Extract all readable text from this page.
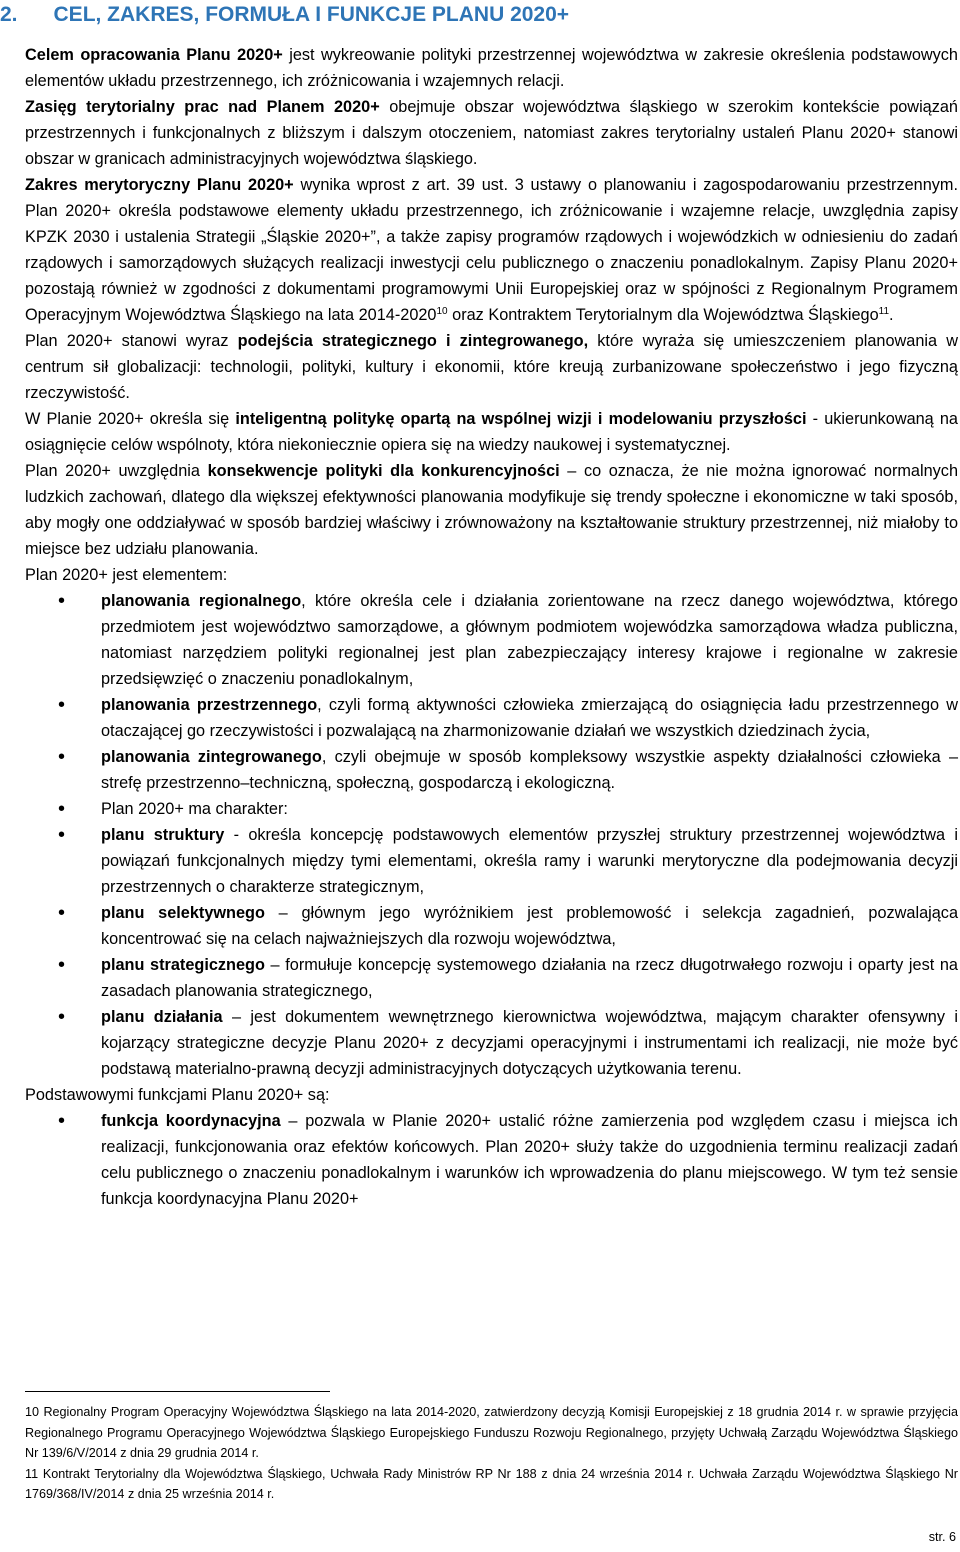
2. CEL, ZAKRES, FORMUŁA I FUNKCJE PLANU 2020+

Celem opracowania Planu 2020+ jest wykreowanie polityki przestrzennej województwa w zakresie określenia podstawowych elementów układu przestrzennego, ich zróżnicowania i wzajemnych relacji.

Zasięg terytorialny prac nad Planem 2020+ obejmuje obszar województwa śląskiego w szerokim kontekście powiązań przestrzennych i funkcjonalnych z bliższym i dalszym otoczeniem, natomiast zakres terytorialny ustaleń Planu 2020+ stanowi obszar w granicach administracyjnych województwa śląskiego.

Zakres merytoryczny Planu 2020+ wynika wprost z art. 39 ust. 3 ustawy o planowaniu i zagospodarowaniu przestrzennym. Plan 2020+ określa podstawowe elementy układu przestrzennego, ich zróżnicowanie i wzajemne relacje, uwzględnia zapisy KPZK 2030 i ustalenia Strategii „Śląskie 2020+”, a także zapisy programów rządowych i wojewódzkich w odniesieniu do zadań rządowych i samorządowych służących realizacji inwestycji celu publicznego o znaczeniu ponadlokalnym. Zapisy Planu 2020+ pozostają również w zgodności z dokumentami programowymi Unii Europejskiej oraz w spójności z Regionalnym Programem Operacyjnym Województwa Śląskiego na lata 2014-2020$^{10}$ oraz Kontraktem Terytorialnym dla Województwa Śląskiego$^{11}$.

Plan 2020+ stanowi wyraz podejścia strategicznego i zintegrowanego, które wyraża się umieszczeniem planowania w centrum sił globalizacji: technologii, polityki, kultury i ekonomii, które kreują zurbanizowane społeczeństwo i jego fizyczną rzeczywistość.

W Planie 2020+ określa się inteligentną politykę opartą na wspólnej wizji i modelowaniu przyszłości - ukierunkowaną na osiągnięcie celów wspólnoty, która niekoniecznie opiera się na wiedzy naukowej i systematycznej.

Plan 2020+ uwzględnia konsekwencje polityki dla konkurencyjności – co oznacza, że nie można ignorować normalnych ludzkich zachowań, dlatego dla większej efektywności planowania modyfikuje się trendy społeczne i ekonomiczne w taki sposób, aby mogły one oddziaływać w sposób bardziej właściwy i zrównoważony na kształtowanie struktury przestrzennej, niż miałoby to miejsce bez udziału planowania.

Plan 2020+ jest elementem:

• planowania regionalnego, które określa cele i działania zorientowane na rzecz danego województwa, którego przedmiotem jest województwo samorządowe, a głównym podmiotem wojewódzka samorządowa władza publiczna, natomiast narzędziem polityki regionalnej jest plan zabezpieczający interesy krajowe i regionalne w zakresie przedsięwzięć o znaczeniu ponadlokalnym,
• planowania przestrzennego, czyli formą aktywności człowieka zmierzającą do osiągnięcia ładu przestrzennego w otaczającej go rzeczywistości i pozwalającą na zharmonizowanie działań we wszystkich dziedzinach życia,
• planowania zintegrowanego, czyli obejmuje w sposób kompleksowy wszystkie aspekty działalności człowieka – strefę przestrzenno–techniczną, społeczną, gospodarczą i ekologiczną.
• Plan 2020+ ma charakter:
• planu struktury - określa koncepcję podstawowych elementów przyszłej struktury przestrzennej województwa i powiązań funkcjonalnych między tymi elementami, określa ramy i warunki merytoryczne dla podejmowania decyzji przestrzennych o charakterze strategicznym,
• planu selektywnego – głównym jego wyróżnikiem jest problemowość i selekcja zagadnień, pozwalająca koncentrować się na celach najważniejszych dla rozwoju województwa,
• planu strategicznego – formułuje koncepcję systemowego działania na rzecz długotrwałego rozwoju i oparty jest na zasadach planowania strategicznego,
• planu działania – jest dokumentem wewnętrznego kierownictwa województwa, mającym charakter ofensywny i kojarzący strategiczne decyzje Planu 2020+ z decyzjami operacyjnymi i instrumentami ich realizacji, nie może być podstawą materialno-prawną decyzji administracyjnych dotyczących użytkowania terenu.

Podstawowymi funkcjami Planu 2020+ są:

• funkcja koordynacyjna – pozwala w Planie 2020+ ustalić różne zamierzenia pod względem czasu i miejsca ich realizacji, funkcjonowania oraz efektów końcowych. Plan 2020+ służy także do uzgodnienia terminu realizacji zadań celu publicznego o znaczeniu ponadlokalnym i warunków ich wprowadzenia do planu miejscowego. W tym też sensie funkcja koordynacyjna Planu 2020+

10 Regionalny Program Operacyjny Województwa Śląskiego na lata 2014-2020, zatwierdzony decyzją Komisji Europejskiej z 18 grudnia 2014 r. w sprawie przyjęcia Regionalnego Programu Operacyjnego Województwa Śląskiego Europejskiego Funduszu Rozwoju Regionalnego, przyjęty Uchwałą Zarządu Województwa Śląskiego Nr 139/6/V/2014 z dnia 29 grudnia 2014 r.

11 Kontrakt Terytorialny dla Województwa Śląskiego, Uchwała Rady Ministrów RP Nr 188 z dnia 24 września 2014 r. Uchwała Zarządu Województwa Śląskiego Nr 1769/368/IV/2014 z dnia 25 września 2014 r.

str. 6
